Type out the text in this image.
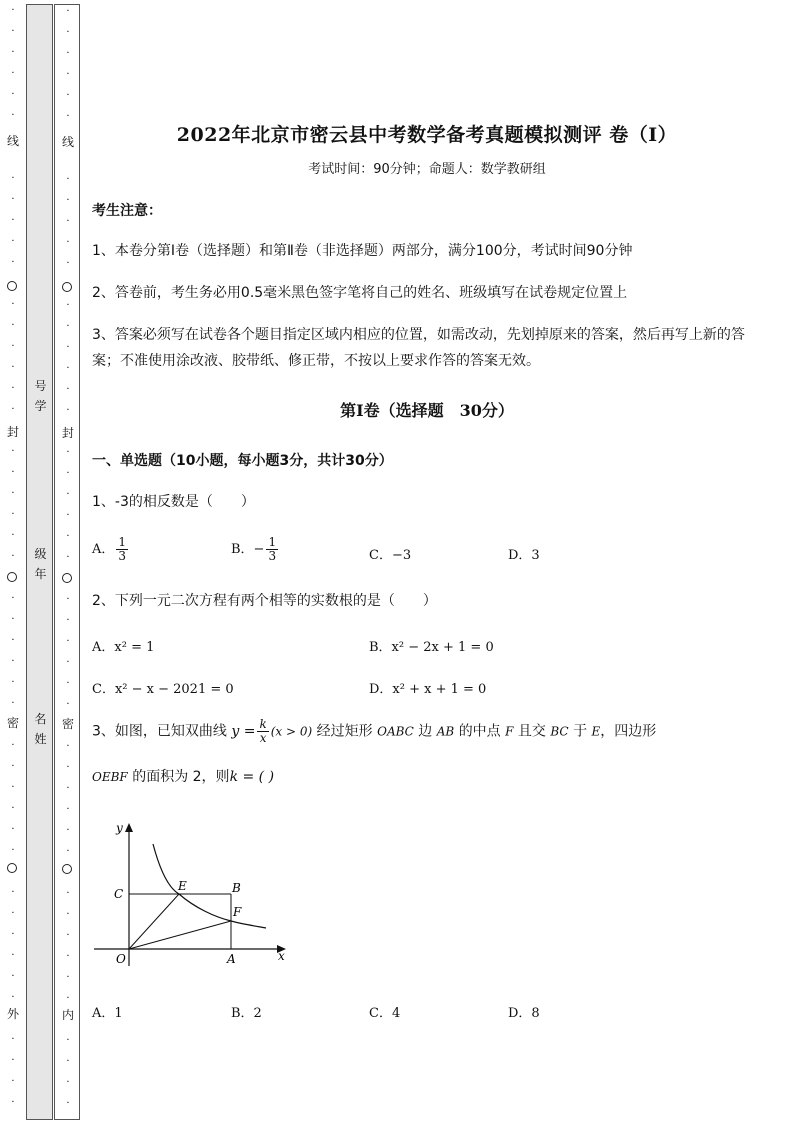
·
·
·
·
·
·
·
·
·
·
·
·
·
·
·
·
·
·
·
·
·
·
·
·
·
·
·
·
·
·
·
·
·
·
·
·
·
·
·
·
·
·
·
·
·
线
封
密
外
号
学
级
年
名
姓
·
·
·
·
·
·
·
·
·
·
·
·
·
·
·
·
·
·
·
·
·
·
·
·
·
·
·
·
·
·
·
·
·
·
·
·
·
·
·
·
·
·
·
·
·
线
封
密
内
2022年北京市密云县中考数学备考真题模拟测评 卷（Ⅰ）
考试时间：90分钟；命题人：数学教研组
考生注意：
1、本卷分第I卷（选择题）和第Ⅱ卷（非选择题）两部分，满分100分，考试时间90分钟
2、答卷前，考生务必用0.5毫米黑色签字笔将自己的姓名、班级填写在试卷规定位置上
3、答案必须写在试卷各个题目指定区域内相应的位置，如需改动，先划掉原来的答案，然后再写上新的答案；不准使用涂改液、胶带纸、修正带，不按以上要求作答的答案无效。
第Ⅰ卷（选择题　30分）
一、单选题（10小题，每小题3分，共计30分）
1、-3的相反数是（　　）
A． $\frac{1}{3}$	B．− $\frac{1}{3}$	C．−3	D．3
2、下列一元二次方程有两个相等的实数根的是（　　）
A．x² = 1	B．x² − 2x + 1 = 0
C．x² − x − 2021 = 0	D．x² + x + 1 = 0
3、如图，已知双曲线 $y = \frac{k}{x} (x > 0)$ 经过矩形 OABC 边 AB 的中点 F 且交 BC 于 E，四边形
OEBF 的面积为 2，则k = ( )
A．1	B．2	C．4	D．8
y
x
O	A
B
C
E
F
